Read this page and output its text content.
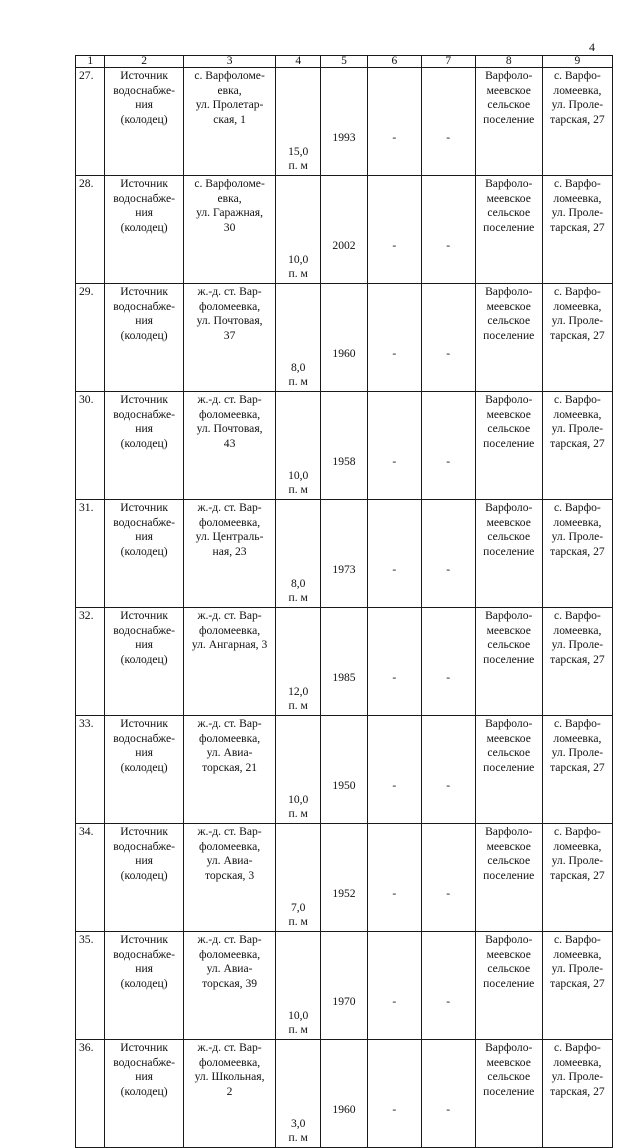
4
1	2	3	4	5	6	7	8	9
27.	Источник
водоснабже-
ния
(колодец)	с. Варфоломе-
евка,
ул. Пролетар-
ская, 1	15,0
п. м	1993	-	-	Варфоло-
меевское
сельское
поселение	с. Варфо-
ломеевка,
ул. Проле-
тарская, 27

28.	Источник
водоснабже-
ния
(колодец)	с. Варфоломе-
евка,
ул. Гаражная,
30	10,0
п. м	2002	-	-	Варфоло-
меевское
сельское
поселение	с. Варфо-
ломеевка,
ул. Проле-
тарская, 27

29.	Источник
водоснабже-
ния
(колодец)	ж.-д. ст. Вар-
фоломеевка,
ул. Почтовая,
37	8,0
п. м	1960	-	-	Варфоло-
меевское
сельское
поселение	с. Варфо-
ломеевка,
ул. Проле-
тарская, 27

30.	Источник
водоснабже-
ния
(колодец)	ж.-д. ст. Вар-
фоломеевка,
ул. Почтовая,
43	10,0
п. м	1958	-	-	Варфоло-
меевское
сельское
поселение	с. Варфо-
ломеевка,
ул. Проле-
тарская, 27

31.	Источник
водоснабже-
ния
(колодец)	ж.-д. ст. Вар-
фоломеевка,
ул. Централь-
ная, 23	8,0
п. м	1973	-	-	Варфоло-
меевское
сельское
поселение	с. Варфо-
ломеевка,
ул. Проле-
тарская, 27

32.	Источник
водоснабже-
ния
(колодец)	ж.-д. ст. Вар-
фоломеевка,
ул. Ангарная, 3	12,0
п. м	1985	-	-	Варфоло-
меевское
сельское
поселение	с. Варфо-
ломеевка,
ул. Проле-
тарская, 27

33.	Источник
водоснабже-
ния
(колодец)	ж.-д. ст. Вар-
фоломеевка,
ул. Авиа-
торская, 21	10,0
п. м	1950	-	-	Варфоло-
меевское
сельское
поселение	с. Варфо-
ломеевка,
ул. Проле-
тарская, 27

34.	Источник
водоснабже-
ния
(колодец)	ж.-д. ст. Вар-
фоломеевка,
ул. Авиа-
торская, 3	7,0
п. м	1952	-	-	Варфоло-
меевское
сельское
поселение	с. Варфо-
ломеевка,
ул. Проле-
тарская, 27

35.	Источник
водоснабже-
ния
(колодец)	ж.-д. ст. Вар-
фоломеевка,
ул. Авиа-
торская, 39	10,0
п. м	1970	-	-	Варфоло-
меевское
сельское
поселение	с. Варфо-
ломеевка,
ул. Проле-
тарская, 27

36.	Источник
водоснабже-
ния
(колодец)	ж.-д. ст. Вар-
фоломеевка,
ул. Школьная,
2	3,0
п. м	1960	-	-	Варфоло-
меевское
сельское
поселение	с. Варфо-
ломеевка,
ул. Проле-
тарская, 27
